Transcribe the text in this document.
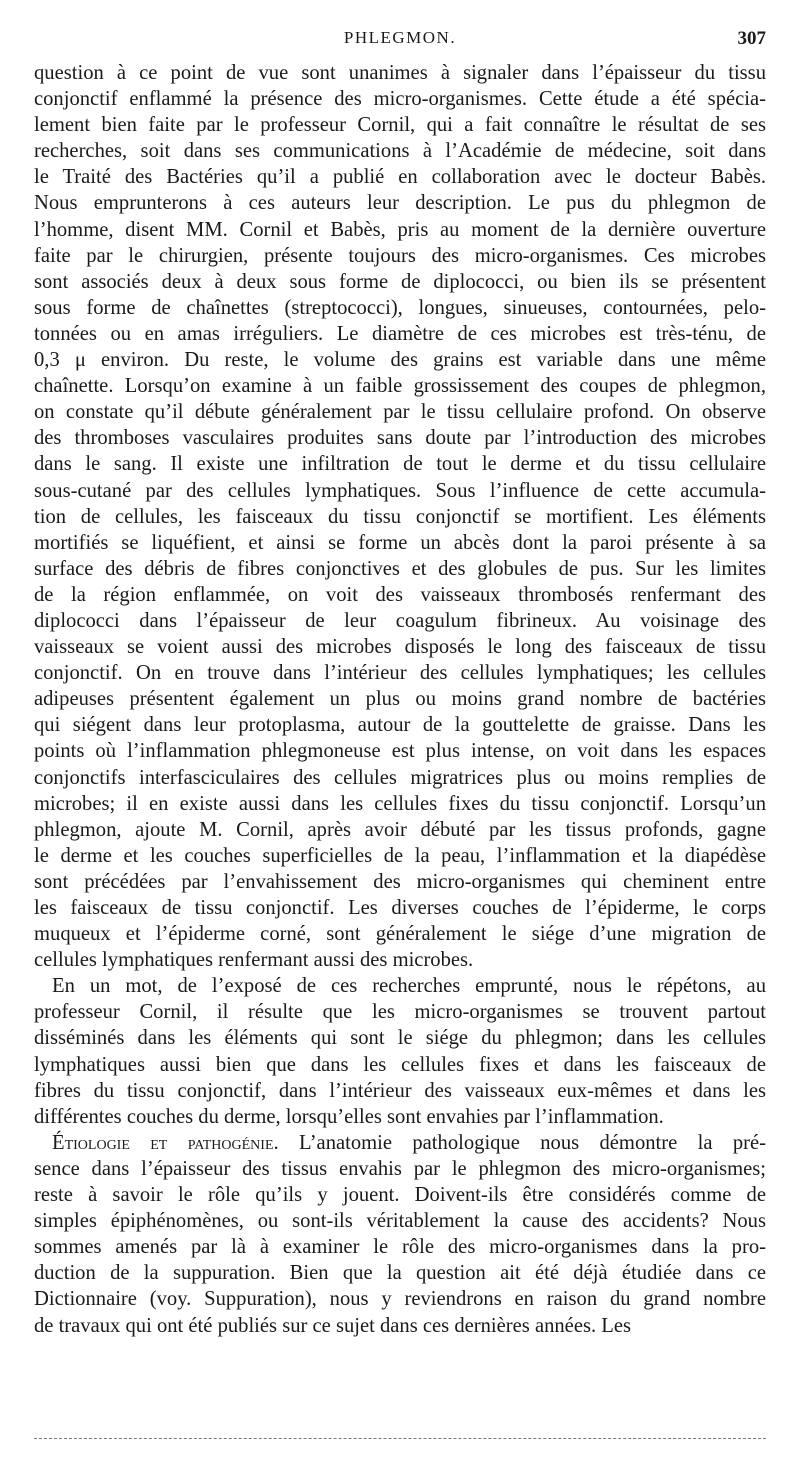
PHLEGMON.	307
question à ce point de vue sont unanimes à signaler dans l’épaisseur du tissu
conjonctif enflammé la présence des micro-organismes. Cette étude a été spécia-
lement bien faite par le professeur Cornil, qui a fait connaître le résultat de ses
recherches, soit dans ses communications à l’Académie de médecine, soit dans
le Traité des Bactéries qu’il a publié en collaboration avec le docteur Babès.
Nous emprunterons à ces auteurs leur description. Le pus du phlegmon de
l’homme, disent MM. Cornil et Babès, pris au moment de la dernière ouverture
faite par le chirurgien, présente toujours des micro-organismes. Ces microbes
sont associés deux à deux sous forme de diplococci, ou bien ils se présentent
sous forme de chaînettes (streptococci), longues, sinueuses, contournées, pelo-
tonnées ou en amas irréguliers. Le diamètre de ces microbes est très-ténu, de
0,3 μ environ. Du reste, le volume des grains est variable dans une même
chaînette. Lorsqu’on examine à un faible grossissement des coupes de phlegmon,
on constate qu’il débute généralement par le tissu cellulaire profond. On observe
des thromboses vasculaires produites sans doute par l’introduction des microbes
dans le sang. Il existe une infiltration de tout le derme et du tissu cellulaire
sous-cutané par des cellules lymphatiques. Sous l’influence de cette accumula-
tion de cellules, les faisceaux du tissu conjonctif se mortifient. Les éléments
mortifiés se liquéfient, et ainsi se forme un abcès dont la paroi présente à sa
surface des débris de fibres conjonctives et des globules de pus. Sur les limites
de la région enflammée, on voit des vaisseaux thrombosés renfermant des
diplococci dans l’épaisseur de leur coagulum fibrineux. Au voisinage des
vaisseaux se voient aussi des microbes disposés le long des faisceaux de tissu
conjonctif. On en trouve dans l’intérieur des cellules lymphatiques; les cellules
adipeuses présentent également un plus ou moins grand nombre de bactéries
qui siégent dans leur protoplasma, autour de la gouttelette de graisse. Dans les
points où l’inflammation phlegmoneuse est plus intense, on voit dans les espaces
conjonctifs interfasciculaires des cellules migratrices plus ou moins remplies de
microbes; il en existe aussi dans les cellules fixes du tissu conjonctif. Lorsqu’un
phlegmon, ajoute M. Cornil, après avoir débuté par les tissus profonds, gagne
le derme et les couches superficielles de la peau, l’inflammation et la diapédèse
sont précédées par l’envahissement des micro-organismes qui cheminent entre
les faisceaux de tissu conjonctif. Les diverses couches de l’épiderme, le corps
muqueux et l’épiderme corné, sont généralement le siége d’une migration de
cellules lymphatiques renfermant aussi des microbes.
En un mot, de l’exposé de ces recherches emprunté, nous le répétons, au
professeur Cornil, il résulte que les micro-organismes se trouvent partout
disséminés dans les éléments qui sont le siége du phlegmon; dans les cellules
lymphatiques aussi bien que dans les cellules fixes et dans les faisceaux de
fibres du tissu conjonctif, dans l’intérieur des vaisseaux eux-mêmes et dans les
différentes couches du derme, lorsqu’elles sont envahies par l’inflammation.
Étiologie et pathogénie. L’anatomie pathologique nous démontre la pré-
sence dans l’épaisseur des tissus envahis par le phlegmon des micro-organismes;
reste à savoir le rôle qu’ils y jouent. Doivent-ils être considérés comme de
simples épiphénomènes, ou sont-ils véritablement la cause des accidents? Nous
sommes amenés par là à examiner le rôle des micro-organismes dans la pro-
duction de la suppuration. Bien que la question ait été déjà étudiée dans ce
Dictionnaire (voy. Suppuration), nous y reviendrons en raison du grand nombre
de travaux qui ont été publiés sur ce sujet dans ces dernières années. Les
